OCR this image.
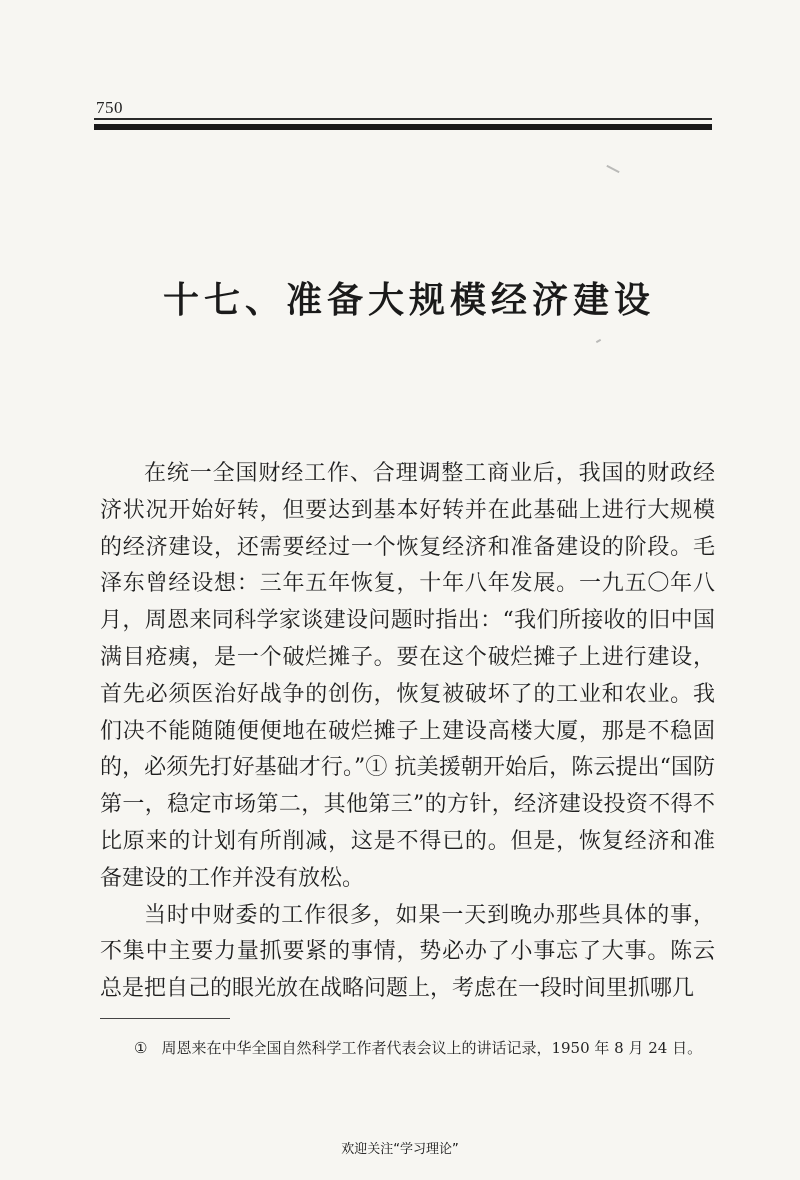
750
十七、准备大规模经济建设

在统一全国财经工作、合理调整工商业后，我国的财政经济状况开始好转，但要达到基本好转并在此基础上进行大规模的经济建设，还需要经过一个恢复经济和准备建设的阶段。毛泽东曾经设想：三年五年恢复，十年八年发展。一九五〇年八月，周恩来同科学家谈建设问题时指出：“我们所接收的旧中国满目疮痍，是一个破烂摊子。要在这个破烂摊子上进行建设，首先必须医治好战争的创伤，恢复被破坏了的工业和农业。我们决不能随随便便地在破烂摊子上建设高楼大厦，那是不稳固的，必须先打好基础才行。”① 抗美援朝开始后，陈云提出“国防第一，稳定市场第二，其他第三”的方针，经济建设投资不得不比原来的计划有所削减，这是不得已的。但是，恢复经济和准备建设的工作并没有放松。

当时中财委的工作很多，如果一天到晚办那些具体的事，不集中主要力量抓要紧的事情，势必办了小事忘了大事。陈云总是把自己的眼光放在战略问题上，考虑在一段时间里抓哪几

① 周恩来在中华全国自然科学工作者代表会议上的讲话记录，1950 年 8 月 24 日。
欢迎关注“学习理论”
